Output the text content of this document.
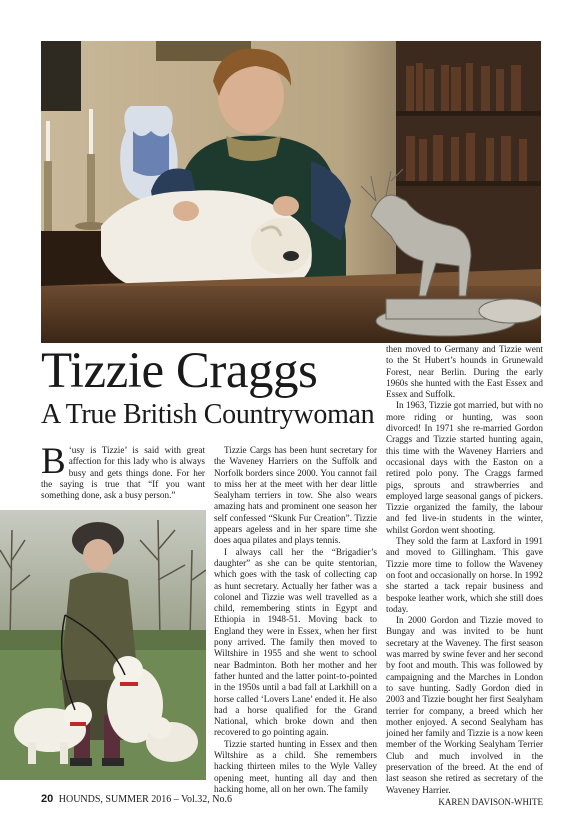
Tizzie Craggs
A True British Countrywoman

‘
B usy is Tizzie’ is said with great affection for this lady who is always busy and gets things done. For her the saying is true that “If you want something done, ask a busy person.”

Tizzie Cargs has been hunt secretary for the Waveney Harriers on the Suffolk and Norfolk borders since 2000. You cannot fail to miss her at the meet with her dear little Sealyham terriers in tow. She also wears amazing hats and prominent one season her self confessed “Skunk Fur Creation”. Tizzie appears ageless and in her spare time she does aqua pilates and plays tennis.

I always call her the “Brigadier’s daughter” as she can be quite stentorian, which goes with the task of collecting cap as hunt secretary. Actually her father was a colonel and Tizzie was well travelled as a child, remembering stints in Egypt and Ethiopia in 1948-51. Moving back to England they were in Essex, when her first pony arrived. The family then moved to Wiltshire in 1955 and she went to school near Badminton. Both her mother and her father hunted and the latter point-to-pointed in the 1950s until a bad fall at Larkhill on a horse called ‘Lovers Lane’ ended it. He also had a horse qualified for the Grand National, which broke down and then recovered to go pointing again.

Tizzie started hunting in Essex and then Wiltshire as a child. She remembers hacking thirteen miles to the Wyle Valley opening meet, hunting all day and then hacking home, all on her own. The family

then moved to Germany and Tizzie went to the St Hubert’s hounds in Grunewald Forest, near Berlin. During the early 1960s she hunted with the East Essex and Essex and Suffolk.

In 1963, Tizzie got married, but with no more riding or hunting, was soon divorced! In 1971 she re-married Gordon Craggs and Tizzie started hunting again, this time with the Waveney Harriers and occasional days with the Easton on a retired polo pony. The Craggs farmed pigs, sprouts and strawberries and employed large seasonal gangs of pickers. Tizzie organized the family, the labour and fed live-in students in the winter, whilst Gordon went shooting.

They sold the farm at Laxford in 1991 and moved to Gillingham. This gave Tizzie more time to follow the Waveney on foot and occasionally on horse. In 1992 she started a tack repair business and bespoke leather work, which she still does today.

In 2000 Gordon and Tizzie moved to Bungay and was invited to be hunt secretary at the Waveney. The first season was marred by swine fever and her second by foot and mouth. This was followed by campaigning and the Marches in London to save hunting. Sadly Gordon died in 2003 and Tizzie bought her first Sealyham terrier for company, a breed which her mother enjoyed. A second Sealyham has joined her family and Tizzie is a now keen member of the Working Sealyham Terrier Club and much involved in the preservation of the breed. At the end of last season she retired as secretary of the Waveney Harrier.

KAREN DAVISON-WHITE

20 HOUNDS, SUMMER 2016 – Vol.32, No.6
